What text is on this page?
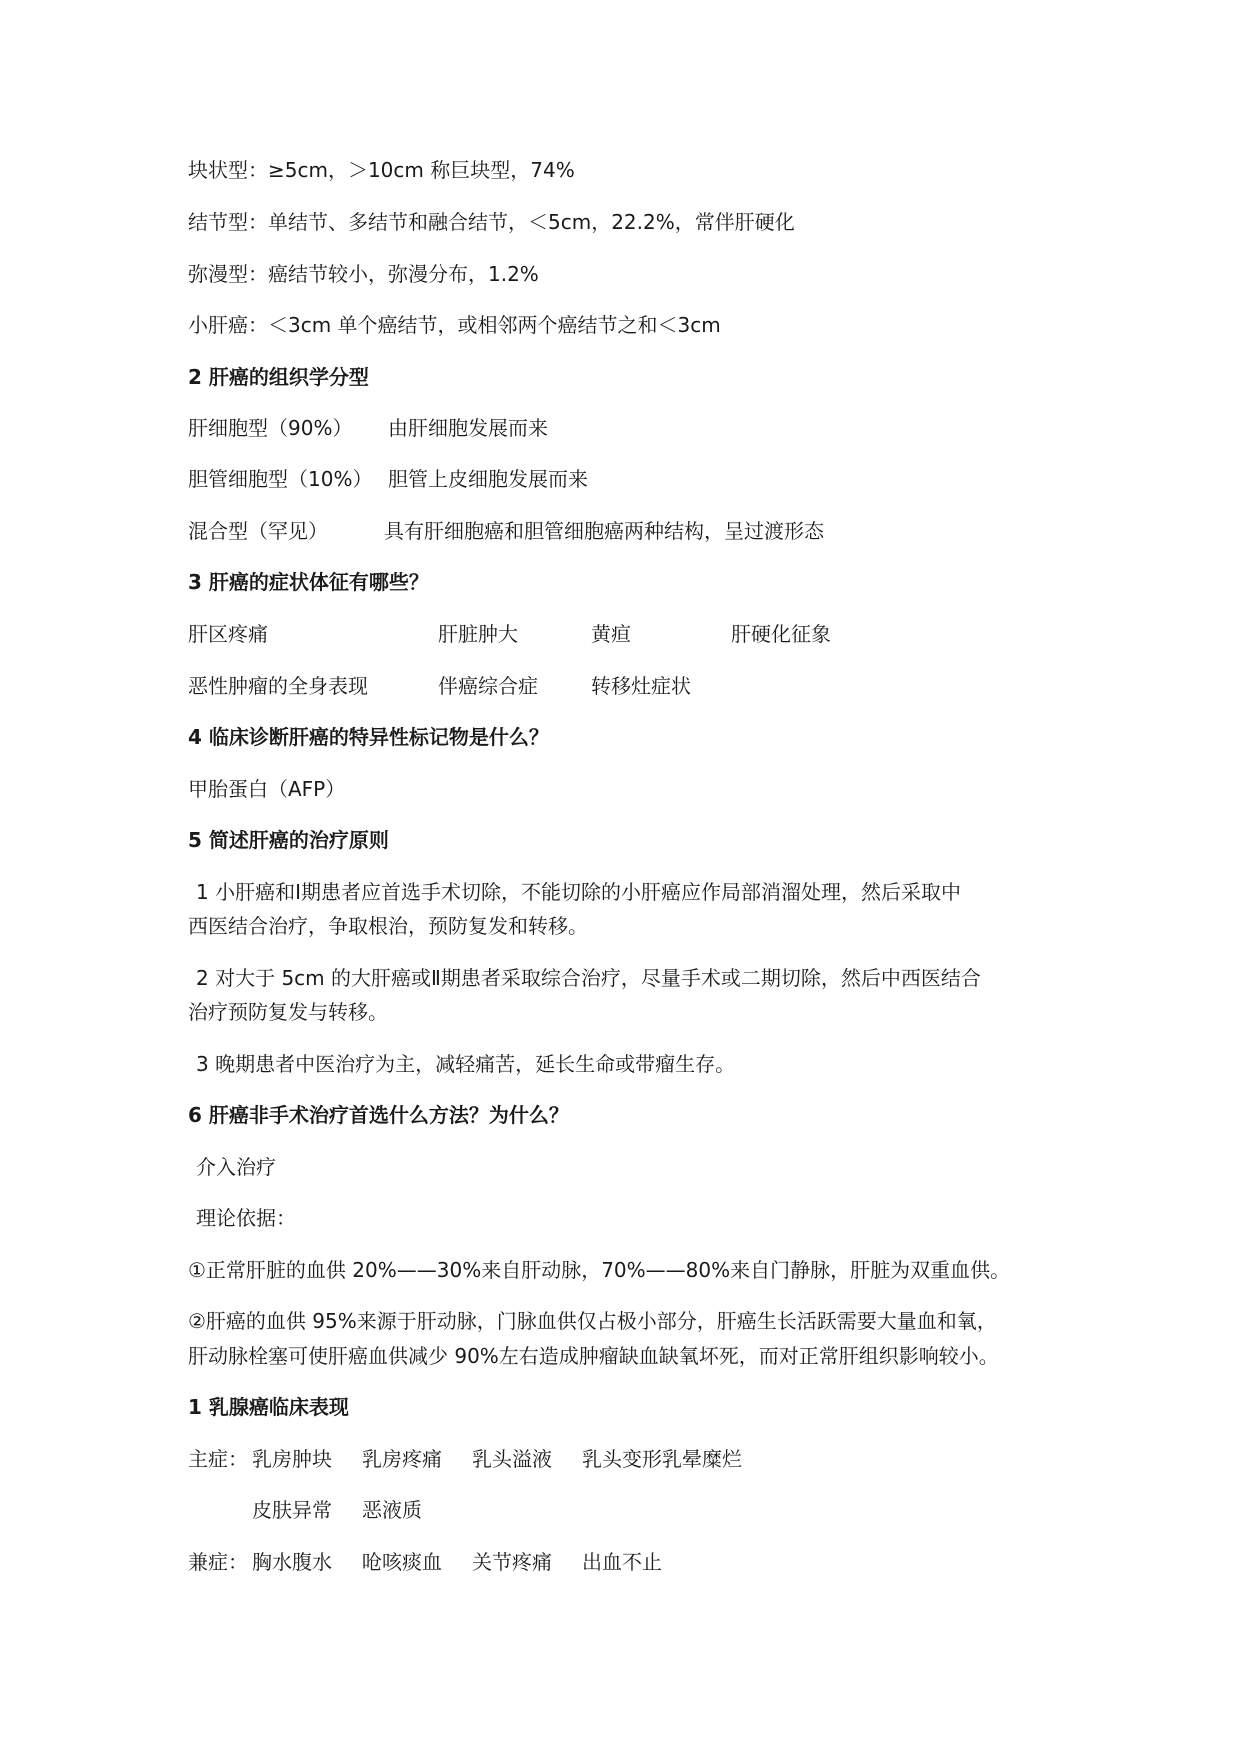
块状型：≥5cm，＞10cm 称巨块型，74%
结节型：单结节、多结节和融合结节，＜5cm，22.2%，常伴肝硬化
弥漫型：癌结节较小，弥漫分布，1.2%
小肝癌：＜3cm 单个癌结节，或相邻两个癌结节之和＜3cm
2 肝癌的组织学分型
肝细胞型（90%） 由肝细胞发展而来
胆管细胞型（10%） 胆管上皮细胞发展而来
混合型（罕见）	具有肝细胞癌和胆管细胞癌两种结构，呈过渡形态
3 肝癌的症状体征有哪些？
肝区疼痛	肝脏肿大	黄疸	肝硬化征象
恶性肿瘤的全身表现	伴癌综合症	转移灶症状
4 临床诊断肝癌的特异性标记物是什么？
甲胎蛋白（AFP）
5 简述肝癌的治疗原则
1 小肝癌和Ⅰ期患者应首选手术切除，不能切除的小肝癌应作局部消溜处理，然后采取中
西医结合治疗，争取根治，预防复发和转移。
2 对大于 5cm 的大肝癌或Ⅱ期患者采取综合治疗，尽量手术或二期切除，然后中西医结合
治疗预防复发与转移。
3 晚期患者中医治疗为主，减轻痛苦，延长生命或带瘤生存。
6 肝癌非手术治疗首选什么方法？为什么？
介入治疗
理论依据：
①正常肝脏的血供 20%——30%来自肝动脉，70%——80%来自门静脉，肝脏为双重血供。
②肝癌的血供 95%来源于肝动脉，门脉血供仅占极小部分，肝癌生长活跃需要大量血和氧，
肝动脉栓塞可使肝癌血供减少 90%左右造成肿瘤缺血缺氧坏死，而对正常肝组织影响较小。
1 乳腺癌临床表现
主症： 乳房肿块 乳房疼痛 乳头溢液 乳头变形乳晕糜烂
皮肤异常 恶液质
兼症： 胸水腹水 呛咳痰血 关节疼痛 出血不止
